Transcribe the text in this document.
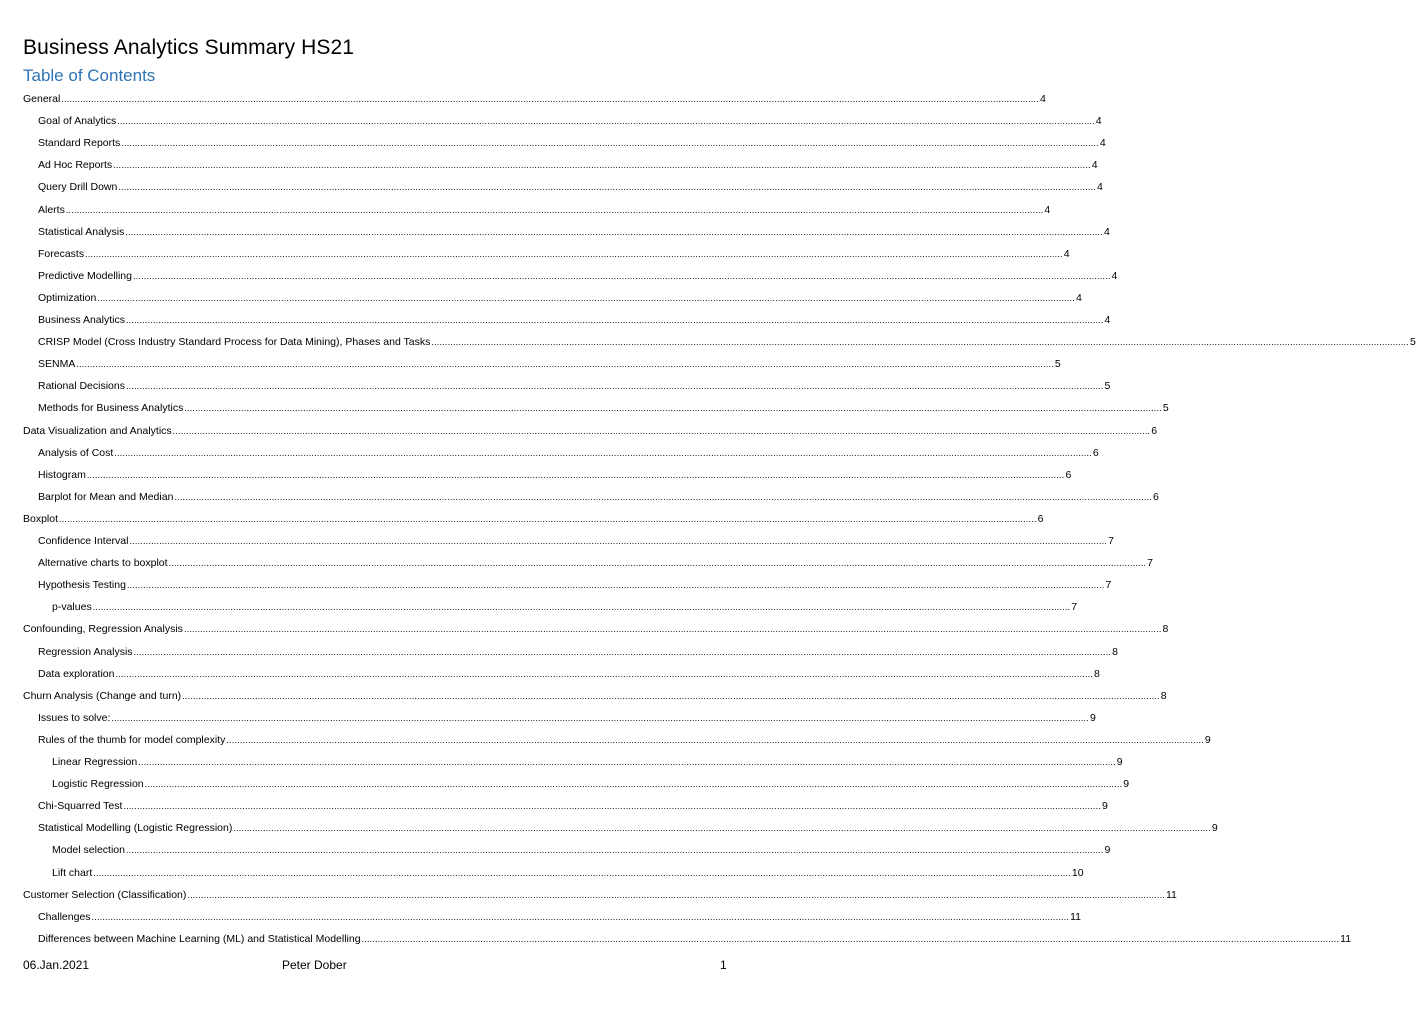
Business Analytics Summary HS21
Table of Contents
General .......................................................................................................................................................................................................................................................................................................................................................................... 4
Goal of Analytics .......................................................................................................................................................................................................................................................................................................................................................................... 4
Standard Reports .......................................................................................................................................................................................................................................................................................................................................................................... 4
Ad Hoc Reports .......................................................................................................................................................................................................................................................................................................................................................................... 4
Query Drill Down .......................................................................................................................................................................................................................................................................................................................................................................... 4
Alerts .......................................................................................................................................................................................................................................................................................................................................................................... 4
Statistical Analysis .......................................................................................................................................................................................................................................................................................................................................................................... 4
Forecasts .......................................................................................................................................................................................................................................................................................................................................................................... 4
Predictive Modelling .......................................................................................................................................................................................................................................................................................................................................................................... 4
Optimization .......................................................................................................................................................................................................................................................................................................................................................................... 4
Business Analytics .......................................................................................................................................................................................................................................................................................................................................................................... 4
CRISP Model (Cross Industry Standard Process for Data Mining), Phases and Tasks .......................................................................................................................................................................................................................................................................................................................................................................... 5
SENMA .......................................................................................................................................................................................................................................................................................................................................................................... 5
Rational Decisions .......................................................................................................................................................................................................................................................................................................................................................................... 5
Methods for Business Analytics .......................................................................................................................................................................................................................................................................................................................................................................... 5
Data Visualization and Analytics .......................................................................................................................................................................................................................................................................................................................................................................... 6
Analysis of Cost .......................................................................................................................................................................................................................................................................................................................................................................... 6
Histogram .......................................................................................................................................................................................................................................................................................................................................................................... 6
Barplot for Mean and Median .......................................................................................................................................................................................................................................................................................................................................................................... 6
Boxplot .......................................................................................................................................................................................................................................................................................................................................................................... 6
Confidence Interval .......................................................................................................................................................................................................................................................................................................................................................................... 7
Alternative charts to boxplot .......................................................................................................................................................................................................................................................................................................................................................................... 7
Hypothesis Testing .......................................................................................................................................................................................................................................................................................................................................................................... 7
p-values .......................................................................................................................................................................................................................................................................................................................................................................... 7
Confounding, Regression Analysis .......................................................................................................................................................................................................................................................................................................................................................................... 8
Regression Analysis .......................................................................................................................................................................................................................................................................................................................................................................... 8
Data exploration .......................................................................................................................................................................................................................................................................................................................................................................... 8
Churn Analysis (Change and turn) .......................................................................................................................................................................................................................................................................................................................................................................... 8
Issues to solve: .......................................................................................................................................................................................................................................................................................................................................................................... 9
Rules of the thumb for model complexity .......................................................................................................................................................................................................................................................................................................................................................................... 9
Linear Regression .......................................................................................................................................................................................................................................................................................................................................................................... 9
Logistic Regression .......................................................................................................................................................................................................................................................................................................................................................................... 9
Chi-Squarred Test .......................................................................................................................................................................................................................................................................................................................................................................... 9
Statistical Modelling (Logistic Regression) .......................................................................................................................................................................................................................................................................................................................................................................... 9
Model selection .......................................................................................................................................................................................................................................................................................................................................................................... 9
Lift chart .......................................................................................................................................................................................................................................................................................................................................................................... 10
Customer Selection (Classification) .......................................................................................................................................................................................................................................................................................................................................................................... 11
Challenges .......................................................................................................................................................................................................................................................................................................................................................................... 11
Differences between Machine Learning (ML) and Statistical Modelling .......................................................................................................................................................................................................................................................................................................................................................................... 11
06.Jan.2021	Peter Dober	1
